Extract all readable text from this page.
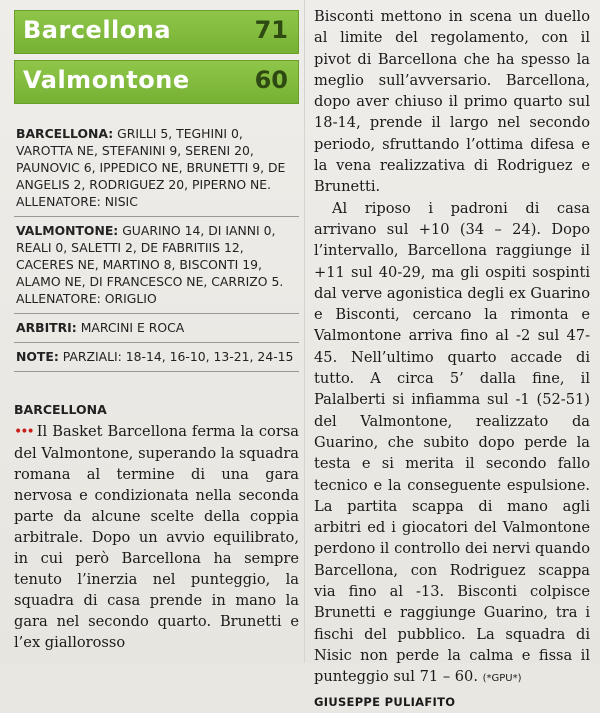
Barcellona	71
Valmontone	60
BARCELLONA: GRILLI 5, TEGHINI 0, VAROTTA NE, STEFANINI 9, SERENI 20, PAUNOVIC 6, IPPEDICO NE, BRUNETTI 9, DE ANGELIS 2, RODRIGUEZ 20, PIPERNO NE. ALLENATORE: NISIC
VALMONTONE: GUARINO 14, DI IANNI 0, REALI 0, SALETTI 2, DE FABRITIIS 12, CACERES NE, MARTINO 8, BISCONTI 19, ALAMO NE, DI FRANCESCO NE, CARRIZO 5. ALLENATORE: ORIGLIO
ARBITRI: MARCINI E ROCA
NOTE: PARZIALI: 18-14, 16-10, 13-21, 24-15
BARCELLONA
••• Il Basket Barcellona ferma la corsa del Valmontone, superando la squadra romana al termine di una gara nervosa e condizionata nella seconda parte da alcune scelte della coppia arbitrale. Dopo un avvio equilibrato, in cui però Barcellona ha sempre tenuto l’inerzia nel punteggio, la squadra di casa prende in mano la gara nel secondo quarto. Brunetti e l’ex giallorosso

Bisconti mettono in scena un duello al limite del regolamento, con il pivot di Barcellona che ha spesso la meglio sull’avversario. Barcellona, dopo aver chiuso il primo quarto sul 18-14, prende il largo nel secondo periodo, sfruttando l’ottima difesa e la vena realizzativa di Rodriguez e Brunetti.

Al riposo i padroni di casa arrivano sul +10 (34 – 24). Dopo l’intervallo, Barcellona raggiunge il +11 sul 40-29, ma gli ospiti sospinti dal verve agonistica degli ex Guarino e Bisconti, cercano la rimonta e Valmontone arriva fino al -2 sul 47-45. Nell’ultimo quarto accade di tutto. A circa 5’ dalla fine, il Palalberti si infiamma sul -1 (52-51) del Valmontone, realizzato da Guarino, che subito dopo perde la testa e si merita il secondo fallo tecnico e la conseguente espulsione. La partita scappa di mano agli arbitri ed i giocatori del Valmontone perdono il controllo dei nervi quando Barcellona, con Rodriguez scappa via fino al -13. Bisconti colpisce Brunetti e raggiunge Guarino, tra i fischi del pubblico. La squadra di Nisic non perde la calma e fissa il punteggio sul 71 – 60. (*GPU*)

GIUSEPPE PULIAFITO
